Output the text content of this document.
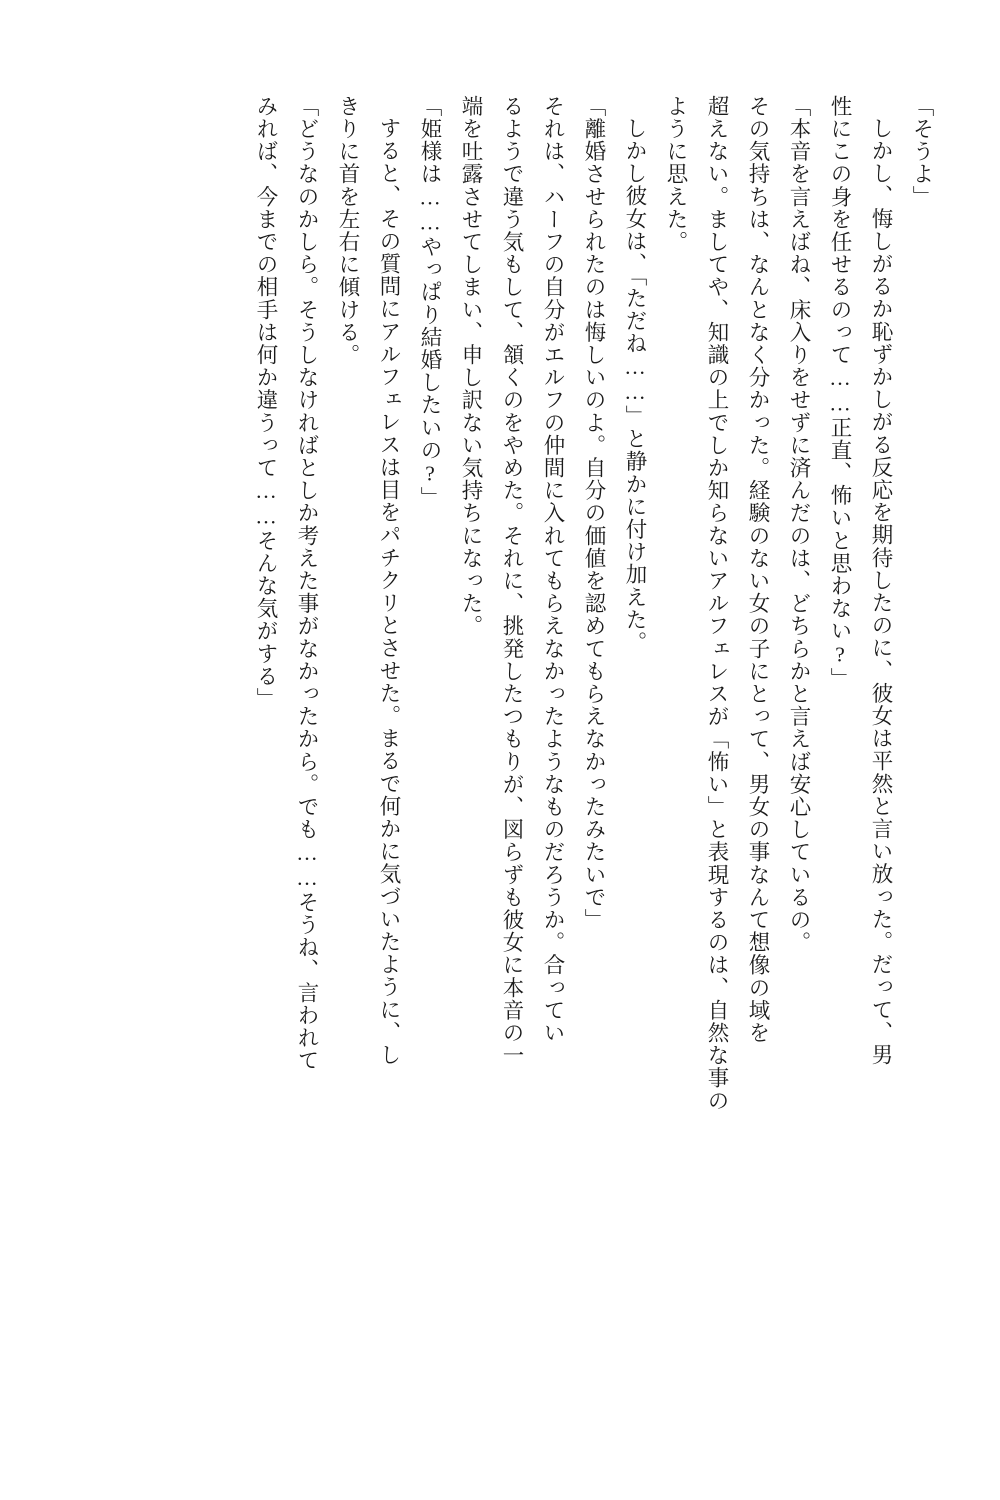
「そうよ」
しかし、悔しがるか恥ずかしがる反応を期待したのに、彼女は平然と言い放った。だって、男
性にこの身を任せるのって……正直、怖いと思わない?」
「本音を言えばね、床入りをせずに済んだのは、どちらかと言えば安心しているの。
その気持ちは、なんとなく分かった。経験のない女の子にとって、男女の事なんて想像の域を
超えない。ましてや、知識の上でしか知らないアルフェレスが「怖い」と表現するのは、自然な事の
ように思えた。
しかし彼女は、「ただね……」と静かに付け加えた。
「離婚させられたのは悔しいのよ。自分の価値を認めてもらえなかったみたいで」
それは、ハーフの自分がエルフの仲間に入れてもらえなかったようなものだろうか。合ってい
るようで違う気もして、頷くのをやめた。それに、挑発したつもりが、図らずも彼女に本音の一
端を吐露させてしまい、申し訳ない気持ちになった。
「姫様は……やっぱり結婚したいの?」
すると、その質問にアルフェレスは目をパチクリとさせた。まるで何かに気づいたように、し
きりに首を左右に傾ける。
「どうなのかしら。そうしなければとしか考えた事がなかったから。でも……そうね、言われて
みれば、今までの相手は何か違うって……そんな気がする」
